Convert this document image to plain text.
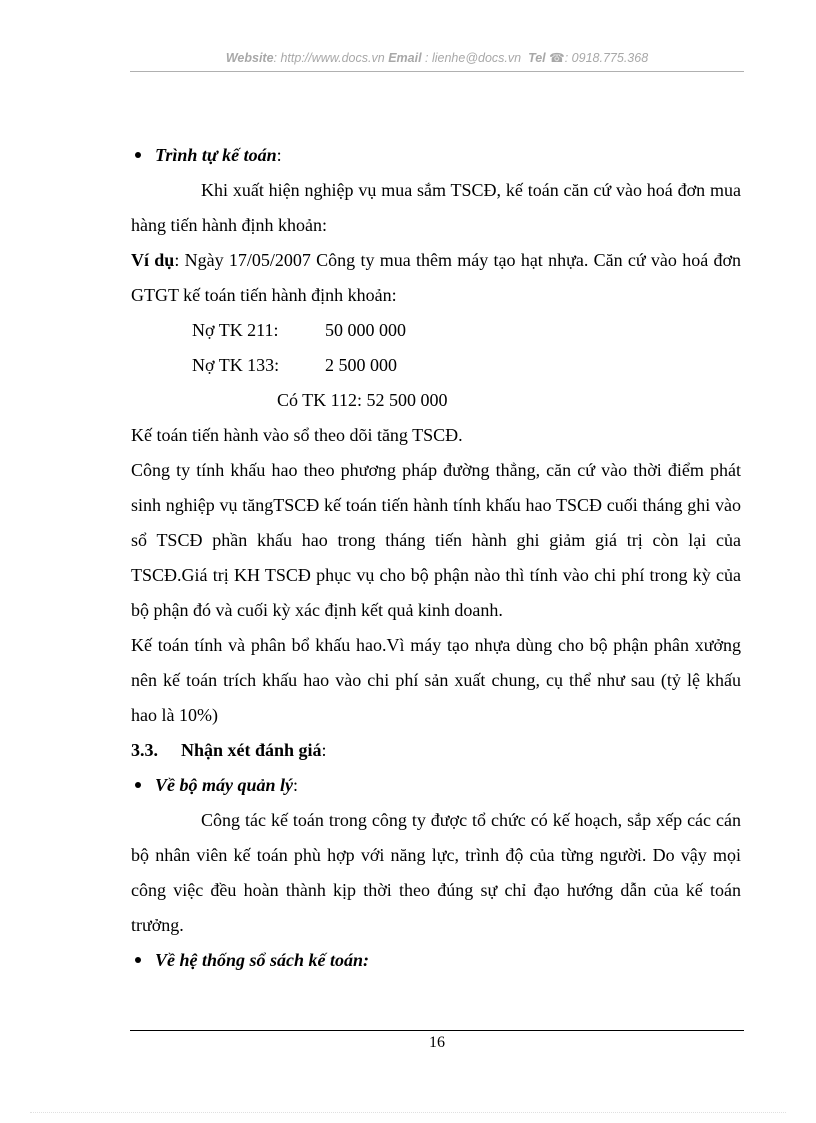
Website: http://www.docs.vn Email : lienhe@docs.vn Tel ☎: 0918.775.368

Trình tự kế toán:

Khi xuất hiện nghiệp vụ mua sắm TSCĐ, kế toán căn cứ vào hoá đơn mua hàng tiến hành định khoản:

Ví dụ: Ngày 17/05/2007 Công ty mua thêm máy tạo hạt nhựa. Căn cứ vào hoá đơn GTGT kế toán tiến hành định khoản:

Nợ TK 211:	50 000 000

Nợ TK 133:	2 500 000

Có TK 112: 52 500 000

Kế toán tiến hành vào sổ theo dõi tăng TSCĐ.

Công ty tính khấu hao theo phương pháp đường thẳng, căn cứ vào thời điểm phát sinh nghiệp vụ tăngTSCĐ kế toán tiến hành tính khấu hao TSCĐ cuối tháng ghi vào sổ TSCĐ phần khấu hao trong tháng tiến hành ghi giảm giá trị còn lại của TSCĐ.Giá trị KH TSCĐ phục vụ cho bộ phận nào thì tính vào chi phí trong kỳ của bộ phận đó và cuối kỳ xác định kết quả kinh doanh.

Kế toán tính và phân bổ khấu hao.Vì máy tạo nhựa dùng cho bộ phận phân xưởng nên kế toán trích khấu hao vào chi phí sản xuất chung, cụ thể như sau (tỷ lệ khấu hao là 10%)

3.3. Nhận xét đánh giá:

Về bộ máy quản lý:

Công tác kế toán trong công ty được tổ chức có kế hoạch, sắp xếp các cán bộ nhân viên kế toán phù hợp với năng lực, trình độ của từng người. Do vậy mọi công việc đều hoàn thành kịp thời theo đúng sự chỉ đạo hướng dẫn của kế toán trưởng.

Về hệ thống sổ sách kế toán:

16
